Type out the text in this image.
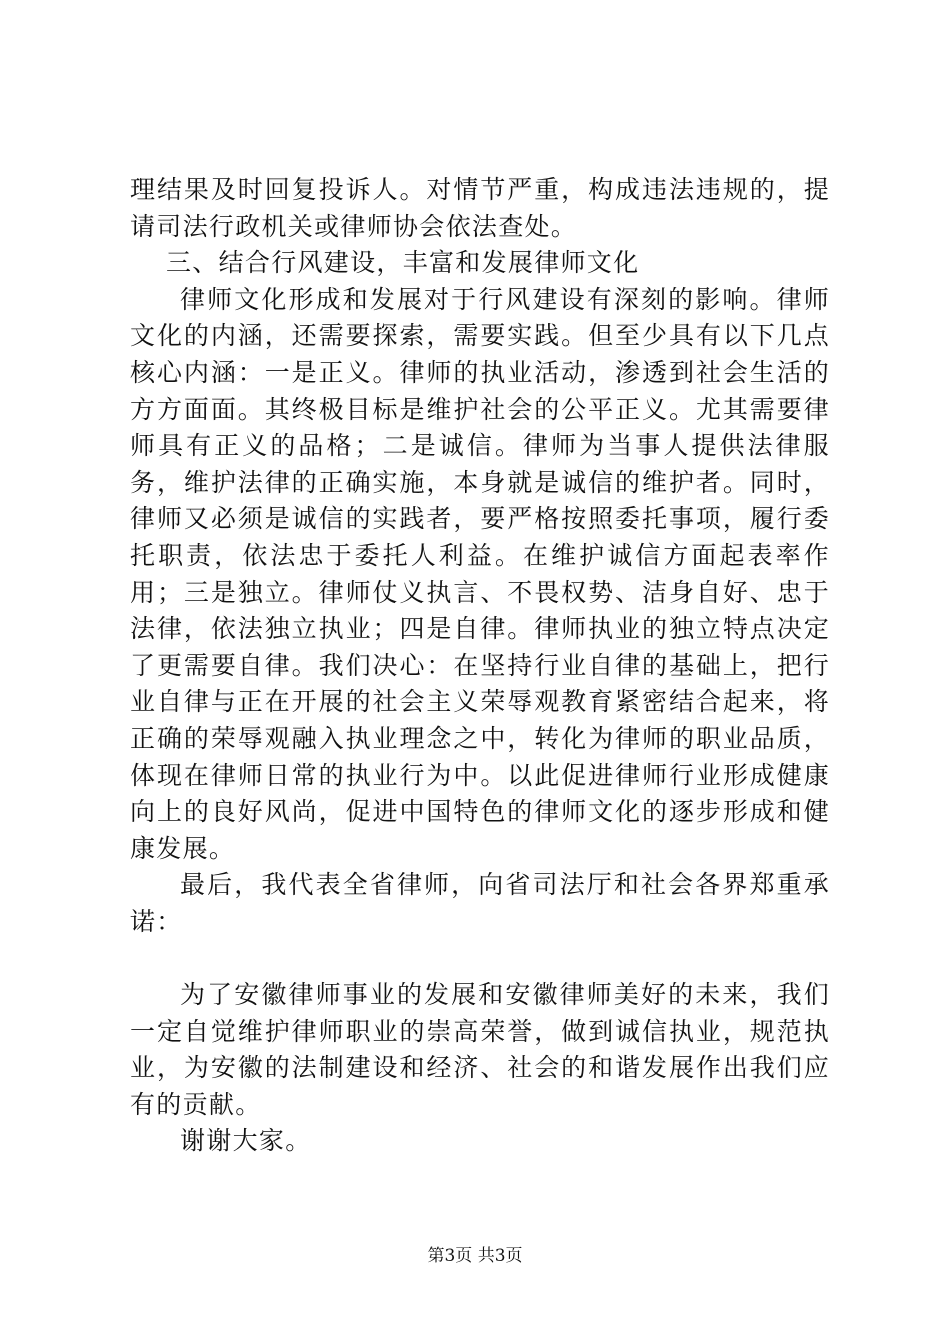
理结果及时回复投诉人。对情节严重，构成违法违规的，提请司法行政机关或律师协会依法查处。

三、结合行风建设，丰富和发展律师文化

律师文化形成和发展对于行风建设有深刻的影响。律师文化的内涵，还需要探索，需要实践。但至少具有以下几点核心内涵：一是正义。律师的执业活动，渗透到社会生活的方方面面。其终极目标是维护社会的公平正义。尤其需要律师具有正义的品格；二是诚信。律师为当事人提供法律服务，维护法律的正确实施，本身就是诚信的维护者。同时，律师又必须是诚信的实践者，要严格按照委托事项，履行委托职责，依法忠于委托人利益。在维护诚信方面起表率作用；三是独立。律师仗义执言、不畏权势、洁身自好、忠于法律，依法独立执业；四是自律。律师执业的独立特点决定了更需要自律。我们决心：在坚持行业自律的基础上，把行业自律与正在开展的社会主义荣辱观教育紧密结合起来，将正确的荣辱观融入执业理念之中，转化为律师的职业品质，体现在律师日常的执业行为中。以此促进律师行业形成健康向上的良好风尚，促进中国特色的律师文化的逐步形成和健康发展。

最后，我代表全省律师，向省司法厅和社会各界郑重承诺：

为了安徽律师事业的发展和安徽律师美好的未来，我们一定自觉维护律师职业的崇高荣誉，做到诚信执业，规范执业，为安徽的法制建设和经济、社会的和谐发展作出我们应有的贡献。

谢谢大家。

第3页 共3页
